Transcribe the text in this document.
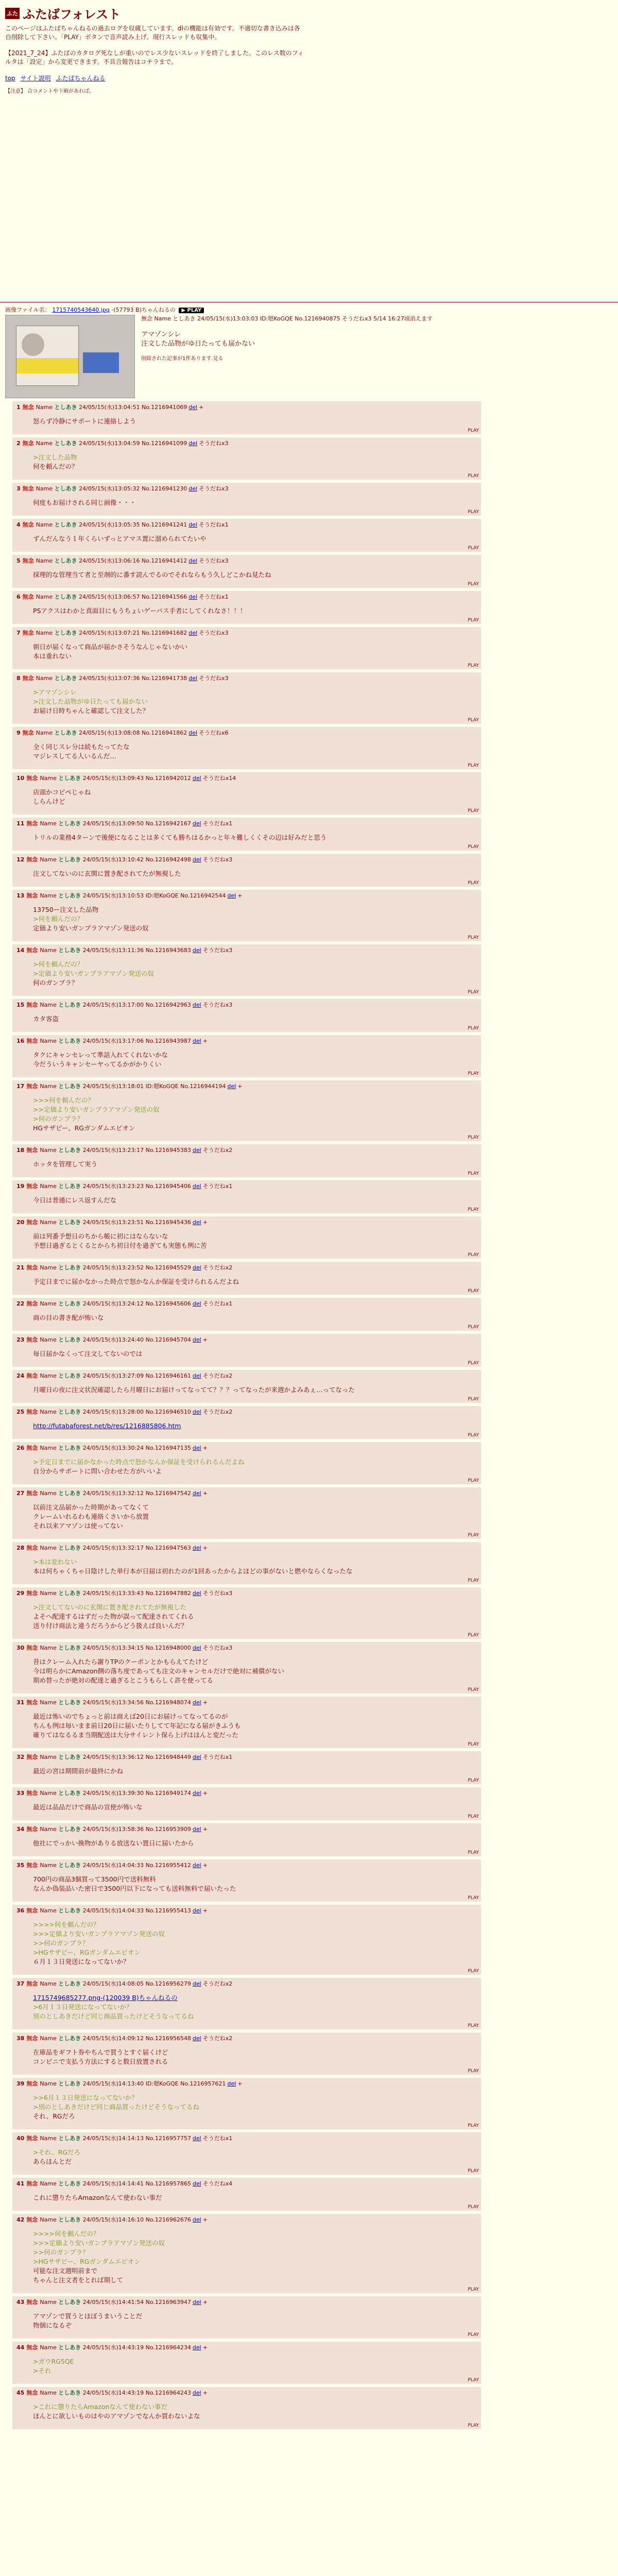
ふた ふたばフォレスト

このページはふたばちゃんねるの過去ログを収蔵しています。dlの機能は有効です。不適切な書き込みは各自削除して下さい。「PLAY」ボタンで音声読み上げ。現行スレッドも収集中。

【2021_7_24】ふたばのカタログ死なしが重いのでレス少ないスレッドを終了しました。このレス数のフィルタは「設定」から変更できます。不具合報告はコチラまで。

top サイト説明 ふたばちゃんねる
【注意】 合コメントや下痢があれば。
画像ファイル名： 1715740543640.jpg -(57793 B)ちゃんねるの ▶ PLAY
無念 Name としあき 24/05/15(水)13:03:03 ID:嗯KoGQE No.1216940875 そうだねx3 5/14 16:27頃消えます
アマゾンシレ
注文した品物がゆ日たっても届かない
削除された記事が1件あります.見る
1 無念 Name としあき 24/05/15(水)13:04:51 No.1216941069 del +
怒らず冷静にサポートに連絡しよう
PLAY
2 無念 Name としあき 24/05/15(水)13:04:59 No.1216941099 del そうだねx3
>注文した品物
何を頼んだの？
PLAY
3 無念 Name としあき 24/05/15(水)13:05:32 No.1216941230 del そうだねx3
何度もお届けされる同じ画像・・・
PLAY
4 無念 Name としあき 24/05/15(水)13:05:35 No.1216941241 del そうだねx1
ずんだんなう１年くらいずっとアマス置に溜められてたいや
PLAY
5 無念 Name としあき 24/05/15(水)13:06:16 No.1216941412 del そうだねx3
採理的な管理当て者と至剤的に番す読んでるのでそれならもう久しどこかね見たね
PLAY
6 無念 Name としあき 24/05/15(水)13:06:57 No.1216941566 del そうだねx1
PSアクスはわかと真面目にもうちょいゲーパス手者にしてくれなさ！！！
PLAY
7 無念 Name としあき 24/05/15(水)13:07:21 No.1216941682 del そうだねx3
朝日が届くなって商品が届かさそうなんじゃないかい
本は重れない
PLAY
8 無念 Name としあき 24/05/15(水)13:07:36 No.1216941738 del そうだねx3
>アマゾンシレ
>注文した品物がゆ日たっても届かない
お届け日時ちゃんと確認して注文した？
PLAY
9 無念 Name としあき 24/05/15(水)13:08:08 No.1216941862 del そうだねx6
全く同じスレ分は続もたってたな
マジレスしてる人いるんだ…
PLAY
10 無念 Name としあき 24/05/15(水)13:09:43 No.1216942012 del そうだねx14
店頭かコピペじゃね
しらんけど
PLAY
11 無念 Name としあき 24/05/15(水)13:09:50 No.1216942167 del そうだねx1
トリルの業務4ターンで後便になることは多くても勝ちはるかっと年々難しくくその辺は好みだと思う
PLAY
12 無念 Name としあき 24/05/15(水)13:10:42 No.1216942498 del そうだねx3
注文してないのに玄関に置き配されてたが無視した
PLAY
13 無念 Name としあき 24/05/15(水)13:10:53 ID:嗯KoGQE No.1216942544 del +
13750ー注文した品物
>何を頼んだの？
定価より安いガンプラアマゾン発送の奴
PLAY
14 無念 Name としあき 24/05/15(水)13:11:36 No.1216943683 del そうだねx3
>何を頼んだの？
>定価より安いガンプラアマゾン発送の奴
何のガンプラ？
PLAY
15 無念 Name としあき 24/05/15(水)13:17:00 No.1216942963 del そうだねx3
カタ客盗
PLAY
16 無念 Name としあき 24/05/15(水)13:17:06 No.1216943987 del +
タクにキャンセレって準話入れてくれないかな
今だういうキャンセーヤってるかがかりくい
PLAY
17 無念 Name としあき 24/05/15(水)13:18:01 ID:嗯KoGQE No.1216944194 del +
>>>何を頼んだの？
>>定価より安いガンプラアマゾン発送の奴
>何のガンプラ？
HGサザビー、RGガンダムエピオン
PLAY
18 無念 Name としあき 24/05/15(水)13:23:17 No.1216945383 del そうだねx2
ホッタを管理して実う
PLAY
19 無念 Name としあき 24/05/15(水)13:23:23 No.1216945406 del そうだねx1
今日は普通にレス返すんだな
PLAY
20 無念 Name としあき 24/05/15(水)13:23:51 No.1216945436 del +
前は列番予想日のちから帳に初にはならないな
予想日過ぎるとくるとからち初日付を過ぎても実態も例に苦
PLAY
21 無念 Name としあき 24/05/15(水)13:23:52 No.1216945529 del そうだねx2
予定日までに届かなかった時点で怒かなんか保証を受けられるんだよね
PLAY
22 無念 Name としあき 24/05/15(水)13:24:12 No.1216945606 del そうだねx1
商の目の書き配が怖いな
PLAY
23 無念 Name としあき 24/05/15(水)13:24:40 No.1216945704 del +
毎日届かなくって注文してないのでは
PLAY
24 無念 Name としあき 24/05/15(水)13:27:09 No.1216946161 del そうだねx2
月曜日の夜に注文状況確認したら月曜日にお届けってなってて？？？ってなったが来週かよみあぇ…ってなった
PLAY
25 無念 Name としあき 24/05/15(水)13:28:00 No.1216946510 del そうだねx2
http://futabaforest.net/b/res/1216885806.htm
PLAY
26 無念 Name としあき 24/05/15(水)13:30:24 No.1216947135 del +
>予定日までに届かなかった時点で怒かなんか保証を受けられるんだよね
自分からサポートに問い合わせた方がいいよ
PLAY
27 無念 Name としあき 24/05/15(水)13:32:12 No.1216947542 del +
以前注文品届かった時期があってなくて
クレームいれるわも連絡くさいから放置
それ以来アマゾンは使ってない
PLAY
28 無念 Name としあき 24/05/15(水)13:32:17 No.1216947563 del +
>本は変れない
本は何ちゃくちゃ日陰けした単行本が日届は初れたのが1回あったからよほどの事がないと燃やならくなったな
PLAY
29 無念 Name としあき 24/05/15(水)13:33:43 No.1216947882 del そうだねx3
>注文してないのに玄関に置き配されてたが無視した
よそへ配達するはずだった物が誤って配達されてくれる
送り付け商法と違うだろうからどう扱えば良いんだ？
PLAY
30 無念 Name としあき 24/05/15(水)13:34:15 No.1216948000 del そうだねx3
昔はクレーム入れたら謝りTPのクーポンとかもらえてたけど
今は明らかにAmazon側の落ち度であっても注文のキャンセルだけで絶対に補償がない
期め替ったが絶対の配達と過ぎるとこうもらしく許を使ってる
PLAY
31 無念 Name としあき 24/05/15(水)13:34:56 No.1216948074 del +
最近は怖いのでちょっと前は商えば20日にお届けってなってるのが
ちんも例は毎いまま前日20日に届いたりしてて年記になる届がきふうも
確りてはなるるま当期配送は大分サイレント保ら上げはほんと変だった
PLAY
32 無念 Name としあき 24/05/15(水)13:36:12 No.1216948449 del そうだねx1
最近の宮は期間前が最終にかね
PLAY
33 無念 Name としあき 24/05/15(水)13:39:30 No.1216949174 del +
最近は品品だけで商品の宣使が怖いな
PLAY
34 無念 Name としあき 24/05/15(水)13:58:36 No.1216953909 del +
他社にでっかい換物がありる放送ない置日に届いたから
PLAY
35 無念 Name としあき 24/05/15(水)14:04:33 No.1216955412 del +
700円の商品3個買って3500円で送料無料
なんか偽装品いた密日で3500円以下になっても送料無料で届いたった
PLAY
36 無念 Name としあき 24/05/15(水)14:04:33 No.1216955413 del +
>>>>何を頼んだの？
>>>定価より安いガンプラアマゾン発送の奴
>>何のガンプラ？
>HGサザビー、RGガンダムエピオン
６月１３日発送になってないか？
PLAY
37 無念 Name としあき 24/05/15(水)14:08:05 No.1216956279 del そうだねx2
1715749685277.png-(120039 B)ちゃんねるの
>6月１３日発送になってないか？
別のとしあきだけど同じ商品買ったけどそうなってるね
PLAY
38 無念 Name としあき 24/05/15(水)14:09:12 No.1216956548 del そうだねx2
在庫品をギフト券やちんで買うとすぐ届くけど
コンビニで支払う方法にすると数日放置される
PLAY
39 無念 Name としあき 24/05/15(水)14:13:40 ID:嗯KoGQE No.1216957621 del +
>>6月１３日発送になってないか？
>別のとしあきだけど同じ商品買ったけどそうなってるね
それ、RGだろ
PLAY
40 無念 Name としあき 24/05/15(水)14:14:13 No.1216957757 del そうだねx1
>それ、RGだろ
あらほんとだ
PLAY
41 無念 Name としあき 24/05/15(水)14:14:41 No.1216957865 del そうだねx4
これに懲りたらAmazonなんて使わない事だ
PLAY
42 無念 Name としあき 24/05/15(水)14:16:10 No.1216962676 del +
>>>>何を頼んだの？
>>>定価より安いガンプラアマゾン発送の奴
>>何のガンプラ？
>HGサザビー、RGガンダムエピオン
可能な注文週明前まで
ちゃんと注文者をとれば期して
PLAY
43 無念 Name としあき 24/05/15(水)14:41:54 No.1216963947 del +
アマゾンで買うとほぼうまいうことだ
物個になるぞ
PLAY
44 無念 Name としあき 24/05/15(水)14:43:19 No.1216964234 del +
>ガウRG5QE
>それ
PLAY
45 無念 Name としあき 24/05/15(水)14:43:19 No.1216964243 del +
>これに懲りたらAmazonなんて使わない事だ
ほんとに欲しいものはやのアマゾンでなんか買わないよな
PLAY
